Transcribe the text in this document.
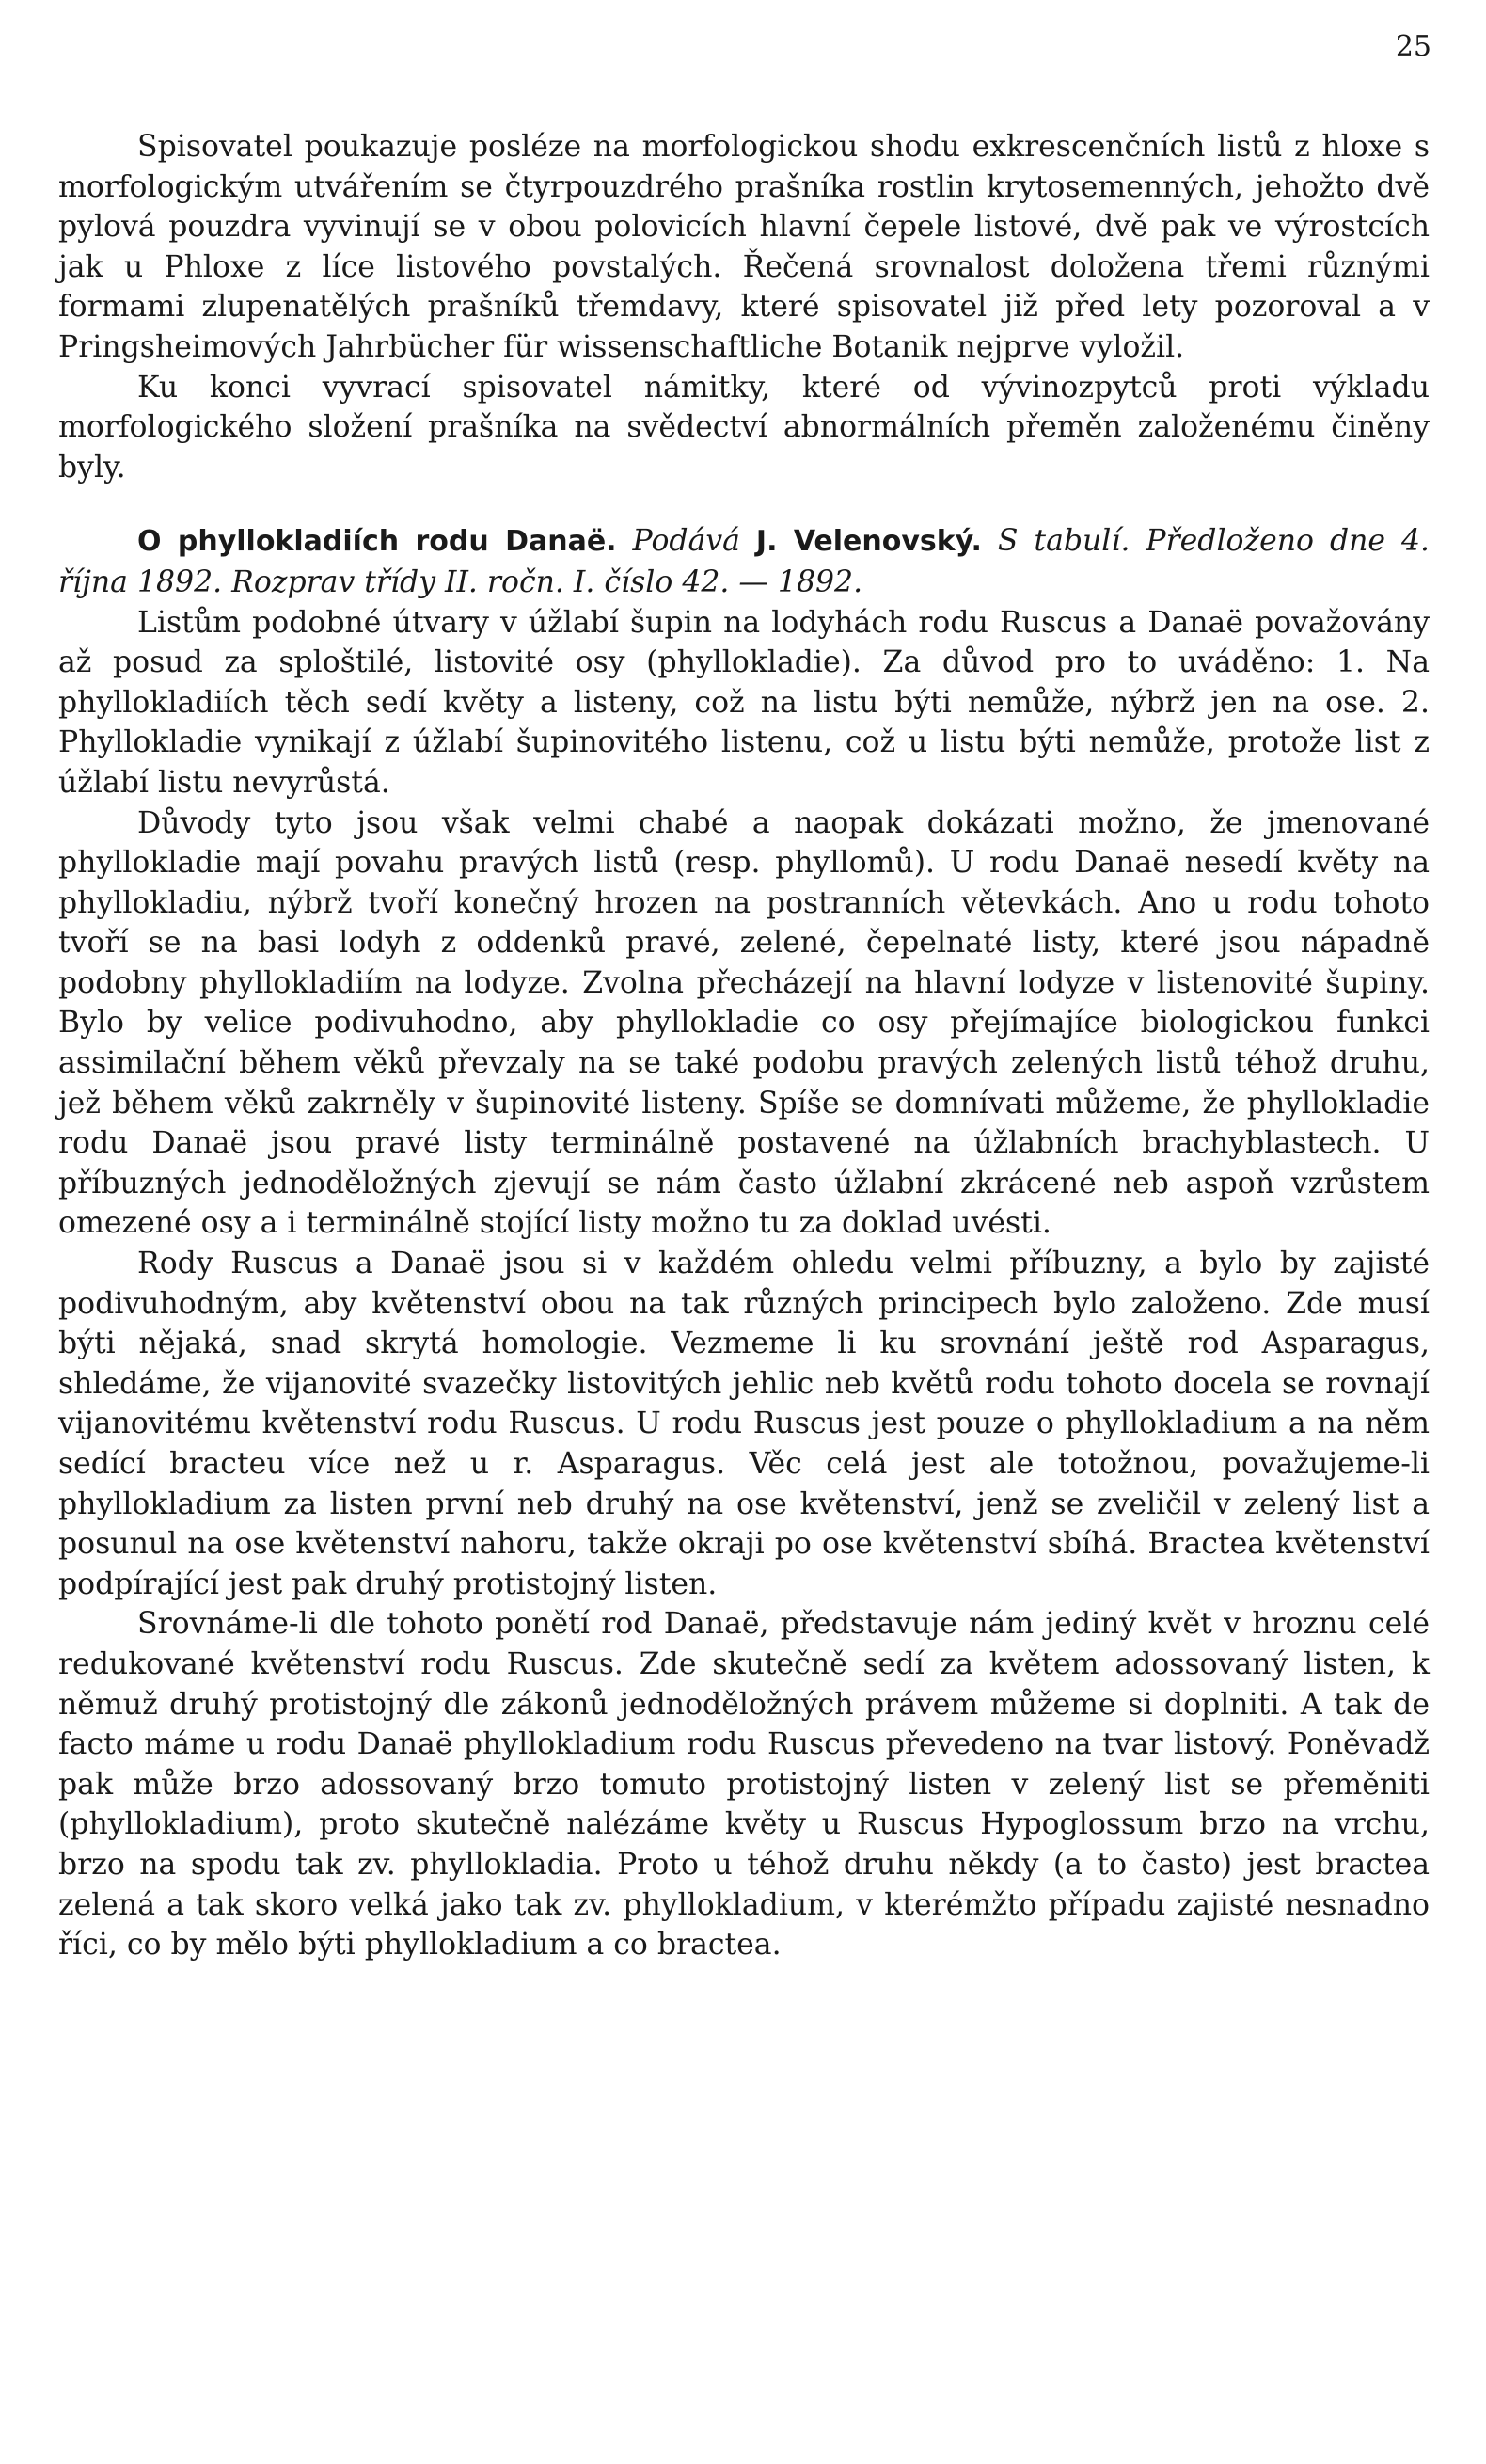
25

Spisovatel poukazuje posléze na morfologickou shodu exkrescenčních listů z hloxe s morfologickým utvářením se čtyrpouzdrého prašníka rostlin krytosemenných, jehožto dvě pylová pouzdra vyvinují se v obou polovicích hlavní čepele listové, dvě pak ve výrostcích jak u Phloxe z líce listového povstalých. Řečená srovnalost doložena třemi různými formami zlupenatělých prašníků třemdavy, které spisovatel již před lety pozoroval a v Pringsheimových Jahrbücher für wissenschaftliche Botanik nejprve vyložil.

Ku konci vyvrací spisovatel námitky, které od vývinozpytců proti výkladu morfologického složení prašníka na svědectví abnormálních přeměn založenému činěny byly.

O phyllokladiích rodu Danaë. Podává J. Velenovský. S tabulí. Předloženo dne 4. října 1892. Rozprav třídy II. ročn. I. číslo 42. — 1892.

Listům podobné útvary v úžlabí šupin na lodyhách rodu Ruscus a Danaë považovány až posud za sploštilé, listovité osy (phyllokladie). Za důvod pro to uváděno: 1. Na phyllokladiích těch sedí květy a listeny, což na listu býti nemůže, nýbrž jen na ose. 2. Phyllokladie vynikají z úžlabí šupinovitého listenu, což u listu býti nemůže, protože list z úžlabí listu nevyrůstá.

Důvody tyto jsou však velmi chabé a naopak dokázati možno, že jmenované phyllokladie mají povahu pravých listů (resp. phyllomů). U rodu Danaë nesedí květy na phyllokladiu, nýbrž tvoří konečný hrozen na postranních větevkách. Ano u rodu tohoto tvoří se na basi lodyh z oddenků pravé, zelené, čepelnaté listy, které jsou nápadně podobny phyllokladiím na lodyze. Zvolna přecházejí na hlavní lodyze v listenovité šupiny. Bylo by velice podivuhodno, aby phyllokladie co osy přejímajíce biologickou funkci assimilační během věků převzaly na se také podobu pravých zelených listů téhož druhu, jež během věků zakrněly v šupinovité listeny. Spíše se domnívati můžeme, že phyllokladie rodu Danaë jsou pravé listy terminálně postavené na úžlabních brachyblastech. U příbuzných jednoděložných zjevují se nám často úžlabní zkrácené neb aspoň vzrůstem omezené osy a i terminálně stojící listy možno tu za doklad uvésti.

Rody Ruscus a Danaë jsou si v každém ohledu velmi příbuzny, a bylo by zajisté podivuhodným, aby květenství obou na tak různých principech bylo založeno. Zde musí býti nějaká, snad skrytá homologie. Vezmeme li ku srovnání ještě rod Asparagus, shledáme, že vijanovité svazečky listovitých jehlic neb květů rodu tohoto docela se rovnají vijanovitému květenství rodu Ruscus. U rodu Ruscus jest pouze o phyllokladium a na něm sedící bracteu více než u r. Asparagus. Věc celá jest ale totožnou, považujeme-li phyllokladium za listen první neb druhý na ose květenství, jenž se zveličil v zelený list a posunul na ose květenství nahoru, takže okraji po ose květenství sbíhá. Bractea květenství podpírající jest pak druhý protistojný listen.

Srovnáme-li dle tohoto ponětí rod Danaë, představuje nám jediný květ v hroznu celé redukované květenství rodu Ruscus. Zde skutečně sedí za květem adossovaný listen, k němuž druhý protistojný dle zákonů jednoděložných právem můžeme si doplniti. A tak de facto máme u rodu Danaë phyllokladium rodu Ruscus převedeno na tvar listový. Poněvadž pak může brzo adossovaný brzo tomuto protistojný listen v zelený list se přeměniti (phyllokladium), proto skutečně nalézáme květy u Ruscus Hypoglossum brzo na vrchu, brzo na spodu tak zv. phyllokladia. Proto u téhož druhu někdy (a to často) jest bractea zelená a tak skoro velká jako tak zv. phyllokladium, v kterémžto případu zajisté nesnadno říci, co by mělo býti phyllokladium a co bractea.
